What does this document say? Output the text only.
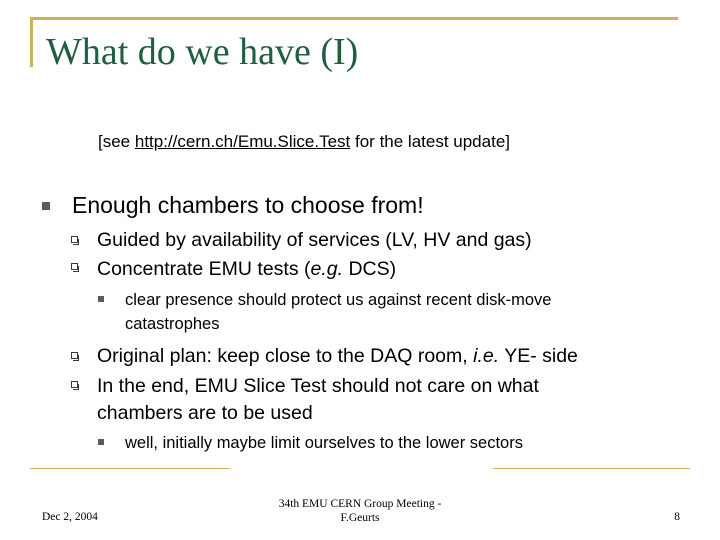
What do we have (I)
[see http://cern.ch/Emu.Slice.Test for the latest update]
Enough chambers to choose from!
Guided by availability of services (LV, HV and gas)
Concentrate EMU tests (e.g. DCS)
clear presence should protect us against recent disk-move
catastrophes
Original plan: keep close to the DAQ room, i.e. YE- side
In the end, EMU Slice Test should not care on what
chambers are to be used
well, initially maybe limit ourselves to the lower sectors
Dec 2, 2004
34th EMU CERN Group Meeting -
F.Geurts	8
